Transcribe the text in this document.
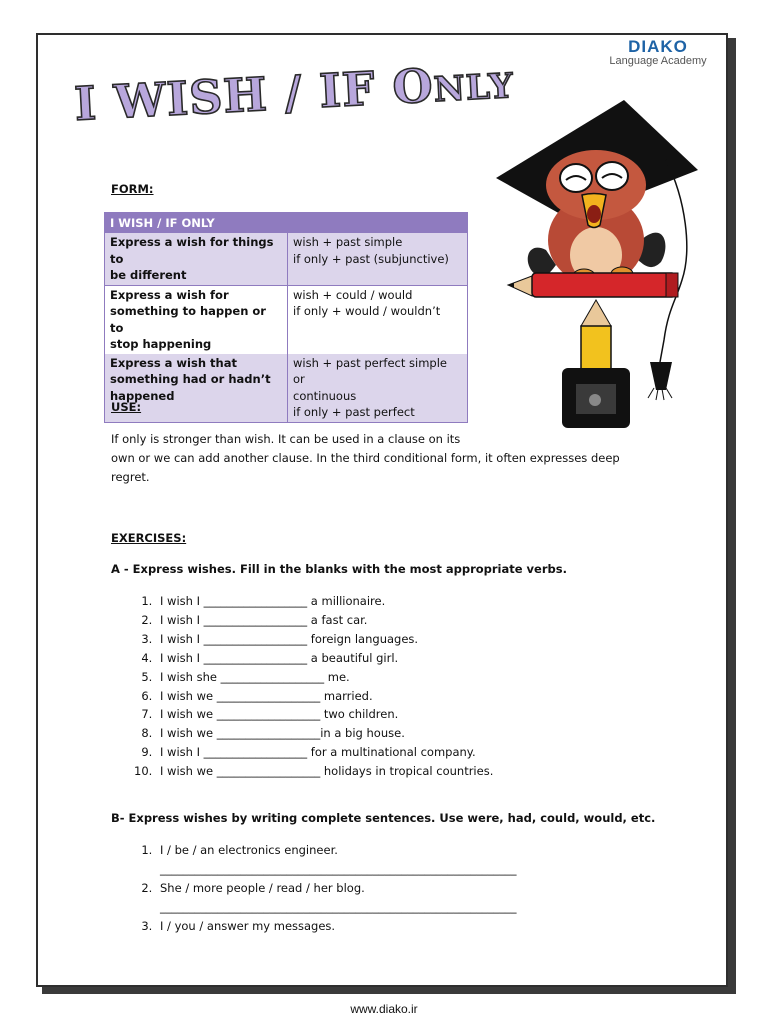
DIAKO
Language Academy
I WISH / IF ONLY
FORM:
I WISH / IF ONLY	

Express a wish for things to
be different	wish + past simple
if only + past (subjunctive)

Express a wish for
something to happen or to
stop happening	wish + could / would
if only + would / wouldn’t

Express a wish that
something had or hadn’t
happened	wish + past perfect simple or
continuous
if only + past perfect
USE:
If only is stronger than wish. It can be used in a clause on its
own or we can add another clause. In the third conditional form, it often expresses deep
regret.
EXERCISES:
A - Express wishes. Fill in the blanks with the most appropriate verbs.
1. I wish I __________________ a millionaire.
2. I wish I __________________ a fast car.
3. I wish I __________________ foreign languages.
4. I wish I __________________ a beautiful girl.
5. I wish she __________________ me.
6. I wish we __________________ married.
7. I wish we __________________ two children.
8. I wish we __________________in a big house.
9. I wish I __________________ for a multinational company.
10. I wish we __________________ holidays in tropical countries.
B- Express wishes by writing complete sentences. Use were, had, could, would, etc.
1. I / be / an electronics engineer.
______________________________________________________________
2. She / more people / read / her blog.
______________________________________________________________
3. I / you / answer my messages.
www.diako.ir
